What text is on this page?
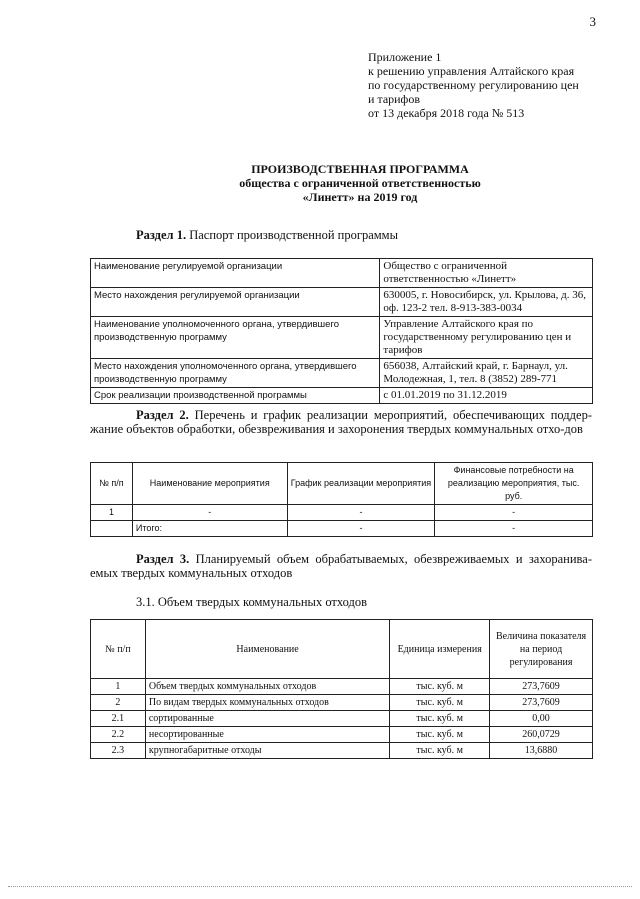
3
Приложение 1
к решению управления Алтайского края
по государственному регулированию цен
и тарифов
от 13 декабря 2018 года № 513
ПРОИЗВОДСТВЕННАЯ ПРОГРАММА
общества с ограниченной ответственностью
«Линетт» на 2019 год
Раздел 1. Паспорт производственной программы
Наименование регулируемой организации	Общество с ограниченной ответственностью «Линетт»
Место нахождения регулируемой организации	630005, г. Новосибирск, ул. Крылова, д. 36, оф. 123-2 тел. 8-913-383-0034
Наименование уполномоченного органа, утвердившего производственную программу	Управление Алтайского края по государственному регулированию цен и тарифов
Место нахождения уполномоченного органа, утвердившего производственную программу	656038, Алтайский край, г. Барнаул, ул. Молодежная, 1, тел. 8 (3852) 289-771
Срок реализации производственной программы	с 01.01.2019 по 31.12.2019
Раздел 2. Перечень и график реализации мероприятий, обеспечивающих поддер-жание объектов обработки, обезвреживания и захоронения твердых коммунальных отхо-дов
№ п/п	Наименование мероприятия	График реализации мероприятия	Финансовые потребности на реализацию мероприятия, тыс. руб.
1	-	-	-
	Итого:	-	-
Раздел 3. Планируемый объем обрабатываемых, обезвреживаемых и захоранива-емых твердых коммунальных отходов
3.1. Объем твердых коммунальных отходов
№ п/п	Наименование	Единица измерения	Величина показателя на период регулирования
1	Объем твердых коммунальных отходов	тыс. куб. м	273,7609
2	По видам твердых коммунальных отходов	тыс. куб. м	273,7609
2.1	сортированные	тыс. куб. м	0,00
2.2	несортированные	тыс. куб. м	260,0729
2.3	крупногабаритные отходы	тыс. куб. м	13,6880
